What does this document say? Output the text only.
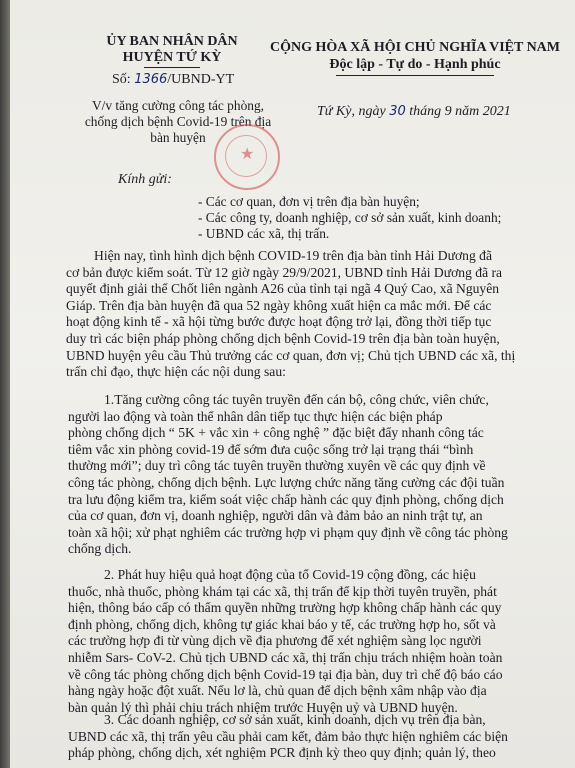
ỦY BAN NHÂN DÂN
HUYỆN TỨ KỲ
Số: 1366/UBND-YT
V/v tăng cường công tác phòng,
chống dịch bệnh Covid-19 trên địa
bàn huyện
CỘNG HÒA XÃ HỘI CHỦ NGHĨA VIỆT NAM
Độc lập - Tự do - Hạnh phúc
Tứ Kỳ, ngày 30 tháng 9 năm 2021
★
Kính gửi:
- Các cơ quan, đơn vị trên địa bàn huyện;
- Các công ty, doanh nghiệp, cơ sở sản xuất, kinh doanh;
- UBND các xã, thị trấn.
Hiện nay, tình hình dịch bệnh COVID-19 trên địa bàn tỉnh Hải Dương đã
cơ bản được kiểm soát. Từ 12 giờ ngày 29/9/2021, UBND tỉnh Hải Dương đã ra
quyết định giải thể Chốt liên ngành A26 của tỉnh tại ngã 4 Quý Cao, xã Nguyên
Giáp. Trên địa bàn huyện đã qua 52 ngày không xuất hiện ca mắc mới. Để các
hoạt động kinh tế - xã hội từng bước được hoạt động trở lại, đồng thời tiếp tục
duy trì các biện pháp phòng chống dịch bệnh Covid-19 trên địa bàn toàn huyện,
UBND huyện yêu cầu Thủ trưởng các cơ quan, đơn vị; Chủ tịch UBND các xã, thị
trấn chỉ đạo, thực hiện các nội dung sau:
1.Tăng cường công tác tuyên truyền đến cán bộ, công chức, viên chức,
người lao động và toàn thể nhân dân tiếp tục thực hiện các biện pháp
phòng chống dịch “ 5K + vắc xin + công nghệ ” đặc biệt đẩy nhanh công tác
tiêm vắc xin phòng covid-19 để sớm đưa cuộc sống trở lại trạng thái “bình
thường mới”; duy trì công tác tuyên truyền thường xuyên về các quy định về
công tác phòng, chống dịch bệnh. Lực lượng chức năng tăng cường các đội tuần
tra lưu động kiểm tra, kiểm soát việc chấp hành các quy định phòng, chống dịch
của cơ quan, đơn vị, doanh nghiệp, người dân và đảm bảo an ninh trật tự, an
toàn xã hội; xử phạt nghiêm các trường hợp vi phạm quy định về công tác phòng
chống dịch.
2. Phát huy hiệu quả hoạt động của tổ Covid-19 cộng đồng, các hiệu
thuốc, nhà thuốc, phòng khám tại các xã, thị trấn để kịp thời tuyên truyền, phát
hiện, thông báo cấp có thẩm quyền những trường hợp không chấp hành các quy
định phòng, chống dịch, không tự giác khai báo y tế, các trường hợp ho, sốt và
các trường hợp đi từ vùng dịch về địa phương để xét nghiệm sàng lọc người
nhiễm Sars- CoV-2. Chủ tịch UBND các xã, thị trấn chịu trách nhiệm hoàn toàn
về công tác phòng chống dịch bệnh Covid-19 tại địa bàn, duy trì chế độ báo cáo
hàng ngày hoặc đột xuất. Nếu lơ là, chủ quan để dịch bệnh xâm nhập vào địa
bàn quản lý thì phải chịu trách nhiệm trước Huyện uỷ và UBND huyện.
3. Các doanh nghiệp, cơ sở sản xuất, kinh doanh, dịch vụ trên địa bàn,
UBND các xã, thị trấn yêu cầu phải cam kết, đảm bảo thực hiện nghiêm các biện
pháp phòng, chống dịch, xét nghiệm PCR định kỳ theo quy định; quản lý, theo
